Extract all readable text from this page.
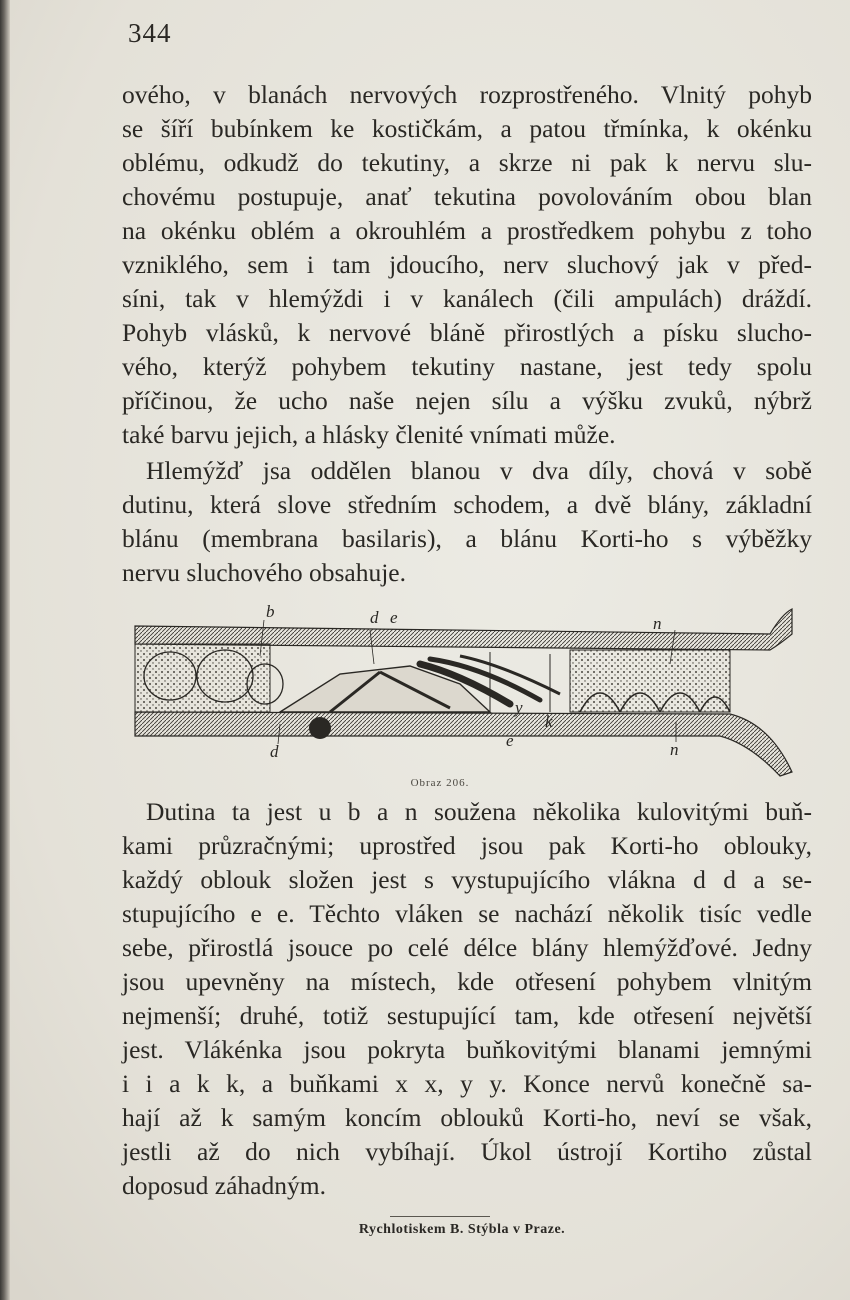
344
ového, v blanách nervových rozprostřeného. Vlnitý pohyb
se šíří bubínkem ke kostičkám, a patou třmínka, k okénku
oblému, odkudž do tekutiny, a skrze ni pak k nervu slu-
chovému postupuje, anať tekutina povolováním obou blan
na okénku oblém a okrouhlém a prostředkem pohybu z toho
vzniklého, sem i tam jdoucího, nerv sluchový jak v před-
síni, tak v hlemýždi i v kanálech (čili ampulách) dráždí.
Pohyb vlásků, k nervové bláně přirostlých a písku slucho-
vého, kterýž pohybem tekutiny nastane, jest tedy spolu
příčinou, že ucho naše nejen sílu a výšku zvuků, nýbrž
také barvu jejich, a hlásky členité vnímati může.
Hlemýžď jsa oddělen blanou v dva díly, chová v sobě
dutinu, která slove středním schodem, a dvě blány, základní
blánu (membrana basilaris), a blánu Korti-ho s výběžky
nervu sluchového obsahuje.
b	d e	n
d
e	n
y
k
Obraz 206.
Dutina ta jest u b a n soužena několika kulovitými buň-
kami průzračnými; uprostřed jsou pak Korti-ho oblouky,
každý oblouk složen jest s vystupujícího vlákna d d a se-
stupujícího e e. Těchto vláken se nachází několik tisíc vedle
sebe, přirostlá jsouce po celé délce blány hlemýžďové. Jedny
jsou upevněny na místech, kde otřesení pohybem vlnitým
nejmenší; druhé, totiž sestupující tam, kde otřesení největší
jest. Vlákénka jsou pokryta buňkovitými blanami jemnými
i i a k k, a buňkami x x, y y. Konce nervů konečně sa-
hají až k samým koncím oblouků Korti-ho, neví se však,
jestli až do nich vybíhají. Úkol ústrojí Kortiho zůstal
doposud záhadným.
Rychlotiskem B. Stýbla v Praze.
